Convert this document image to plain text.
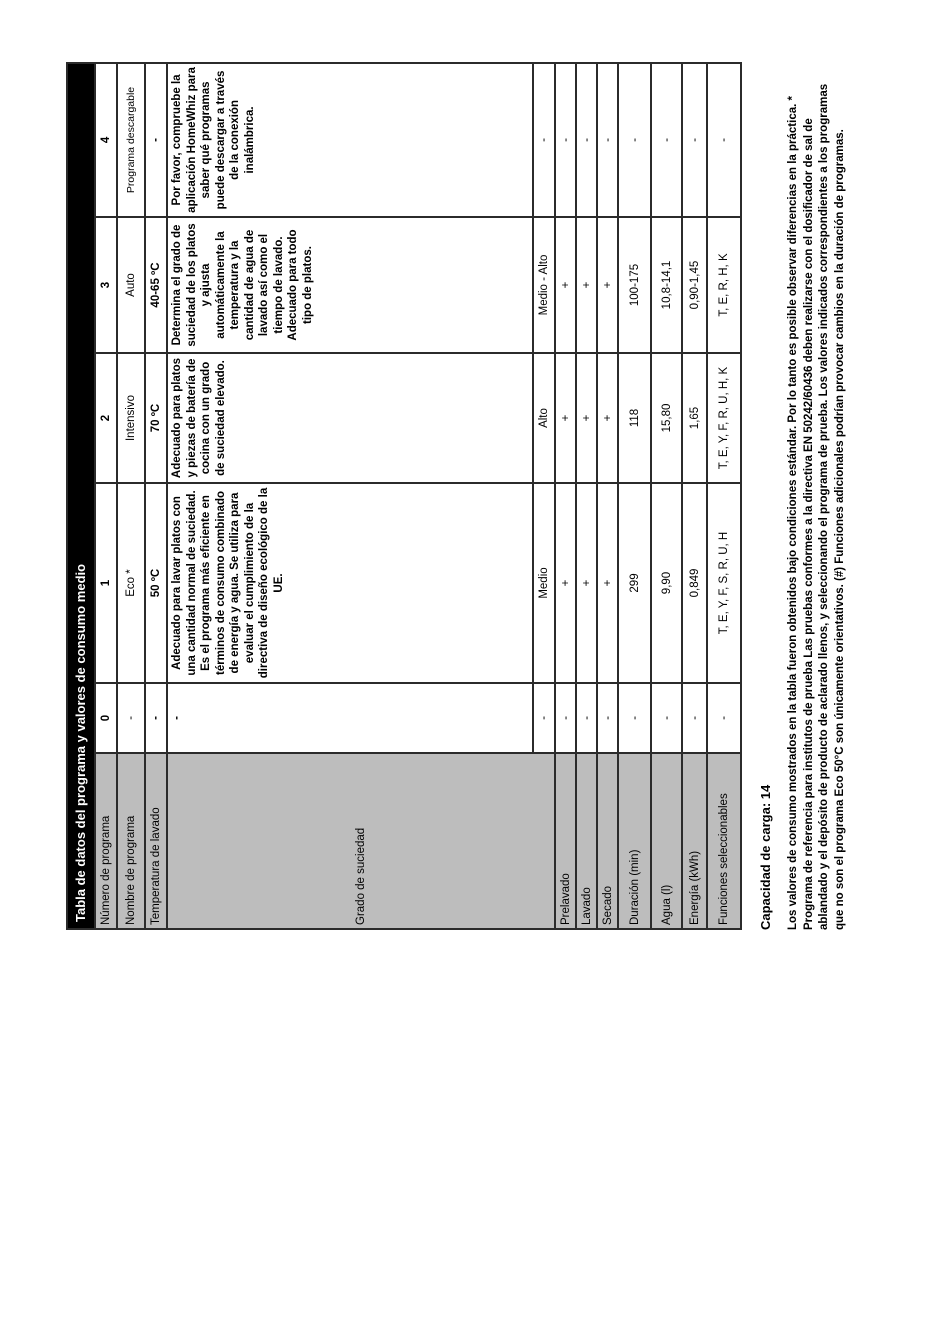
Tabla de datos del programa y valores de consumo medio					
Número de programa	0	1	2	3	4
Nombre de programa	-	Eco *	Intensivo	Auto	Programa descargable
Temperatura de lavado	-	50 ºC	70 ºC	40-65 ºC	-
Grado de suciedad	-	Adecuado para lavar platos con una cantidad normal de suciedad. Es el programa más eficiente en términos de consumo combinado de energía y agua. Se utiliza para evaluar el cumplimiento de la directiva de diseño ecológico de la UE.	Adecuado para platos y piezas de batería de cocina con un grado de suciedad elevado.	Determina el grado de suciedad de los platos y ajusta automáticamente la temperatura y la cantidad de agua de lavado así como el tiempo de lavado. Adecuado para todo tipo de platos.	Por favor, compruebe la aplicación HomeWhiz para saber qué programas puede descargar a través de la conexión inalámbrica.
	-	Medio	Alto	Medio - Alto	-
Prelavado	-	+	+	+	-
Lavado	-	+	+	+	-
Secado	-	+	+	+	-
Duración (min)	-	299	118	100-175	-
Agua (l)	-	9,90	15,80	10,8-14,1	-
Energía (kWh)	-	0,849	1,65	0,90-1,45	-
Funciones seleccionables	-	T, E, Y, F, S, R, U, H	T, E, Y, F, R, U, H, K	T, E, R, H, K	-
Capacidad de carga: 14 Los valores de consumo mostrados en la tabla fueron obtenidos bajo condiciones estándar. Por lo tanto es posible observar diferencias en la práctica. * Programa de referencia para institutos de prueba Las pruebas conformes a la directiva EN 50242/60436 deben realizarse con el dosificador de sal de ablandado y el depósito de producto de aclarado llenos, y seleccionando el programa de prueba. Los valores indicados correspondientes a los programas que no son el programa Eco 50°C son únicamente orientativos. (#) Funciones adicionales podrían provocar cambios en la duración de programas.
